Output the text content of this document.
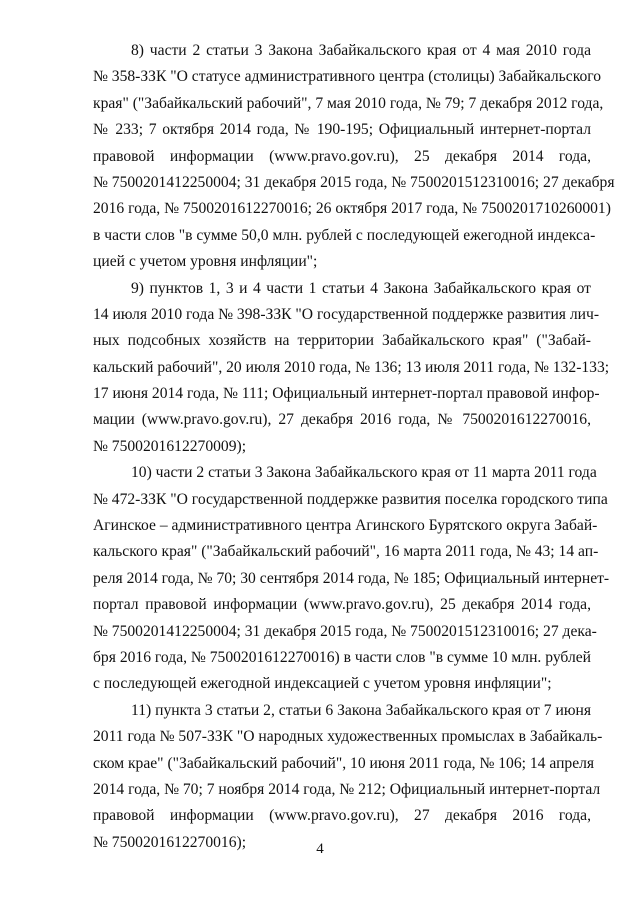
8) части 2 статьи 3 Закона Забайкальского края от 4 мая 2010 года
№ 358-ЗЗК "О статусе административного центра (столицы) Забайкальского
края" ("Забайкальский рабочий", 7 мая 2010 года, № 79; 7 декабря 2012 года,
№ 233; 7 октября 2014 года, № 190-195; Официальный интернет-портал
правовой информации (www.pravo.gov.ru), 25 декабря 2014 года,
№ 7500201412250004; 31 декабря 2015 года, № 7500201512310016; 27 декабря
2016 года, № 7500201612270016; 26 октября 2017 года, № 7500201710260001)
в части слов "в сумме 50,0 млн. рублей с последующей ежегодной индекса-
цией с учетом уровня инфляции";

9) пунктов 1, 3 и 4 части 1 статьи 4 Закона Забайкальского края от
14 июля 2010 года № 398-ЗЗК "О государственной поддержке развития лич-
ных подсобных хозяйств на территории Забайкальского края" ("Забай-
кальский рабочий", 20 июля 2010 года, № 136; 13 июля 2011 года, № 132-133;
17 июня 2014 года, № 111; Официальный интернет-портал правовой инфор-
мации (www.pravo.gov.ru), 27 декабря 2016 года, № 7500201612270016,
№ 7500201612270009);

10) части 2 статьи 3 Закона Забайкальского края от 11 марта 2011 года
№ 472-ЗЗК "О государственной поддержке развития поселка городского типа
Агинское – административного центра Агинского Бурятского округа Забай-
кальского края" ("Забайкальский рабочий", 16 марта 2011 года, № 43; 14 ап-
реля 2014 года, № 70; 30 сентября 2014 года, № 185; Официальный интернет-
портал правовой информации (www.pravo.gov.ru), 25 декабря 2014 года,
№ 7500201412250004; 31 декабря 2015 года, № 7500201512310016; 27 дека-
бря 2016 года, № 7500201612270016) в части слов "в сумме 10 млн. рублей
с последующей ежегодной индексацией с учетом уровня инфляции";

11) пункта 3 статьи 2, статьи 6 Закона Забайкальского края от 7 июня
2011 года № 507-ЗЗК "О народных художественных промыслах в Забайкаль-
ском крае" ("Забайкальский рабочий", 10 июня 2011 года, № 106; 14 апреля
2014 года, № 70; 7 ноября 2014 года, № 212; Официальный интернет-портал
правовой информации (www.pravo.gov.ru), 27 декабря 2016 года,
№ 7500201612270016);	4
